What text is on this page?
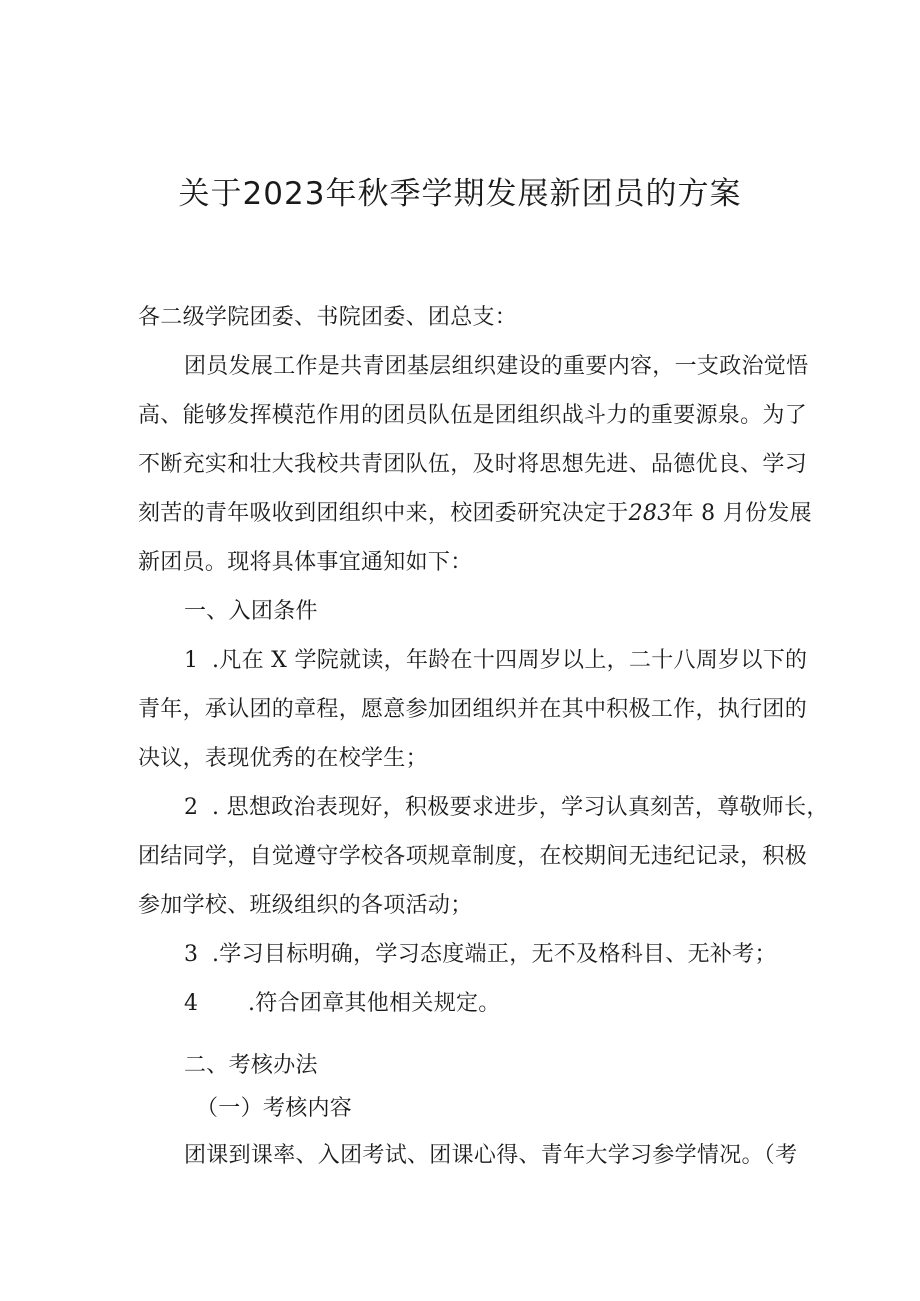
关于2023年秋季学期发展新团员的方案
各二级学院团委、书院团委、团总支：
团员发展工作是共青团基层组织建设的重要内容，一支政治觉悟
高、能够发挥模范作用的团员队伍是团组织战斗力的重要源泉。为了
不断充实和壮大我校共青团队伍，及时将思想先进、品德优良、学习
刻苦的青年吸收到团组织中来，校团委研究决定于283年 8 月份发展
新团员。现将具体事宜通知如下：
一、入团条件
1 .凡在 X 学院就读，年龄在十四周岁以上，二十八周岁以下的
青年，承认团的章程，愿意参加团组织并在其中积极工作，执行团的
决议，表现优秀的在校学生；
2 . 思想政治表现好，积极要求进步，学习认真刻苦，尊敬师长，
团结同学，自觉遵守学校各项规章制度，在校期间无违纪记录，积极
参加学校、班级组织的各项活动；
3 .学习目标明确，学习态度端正，无不及格科目、无补考；
4 .符合团章其他相关规定。
二、考核办法
（一）考核内容
团课到课率、入团考试、团课心得、青年大学习参学情况。（考
